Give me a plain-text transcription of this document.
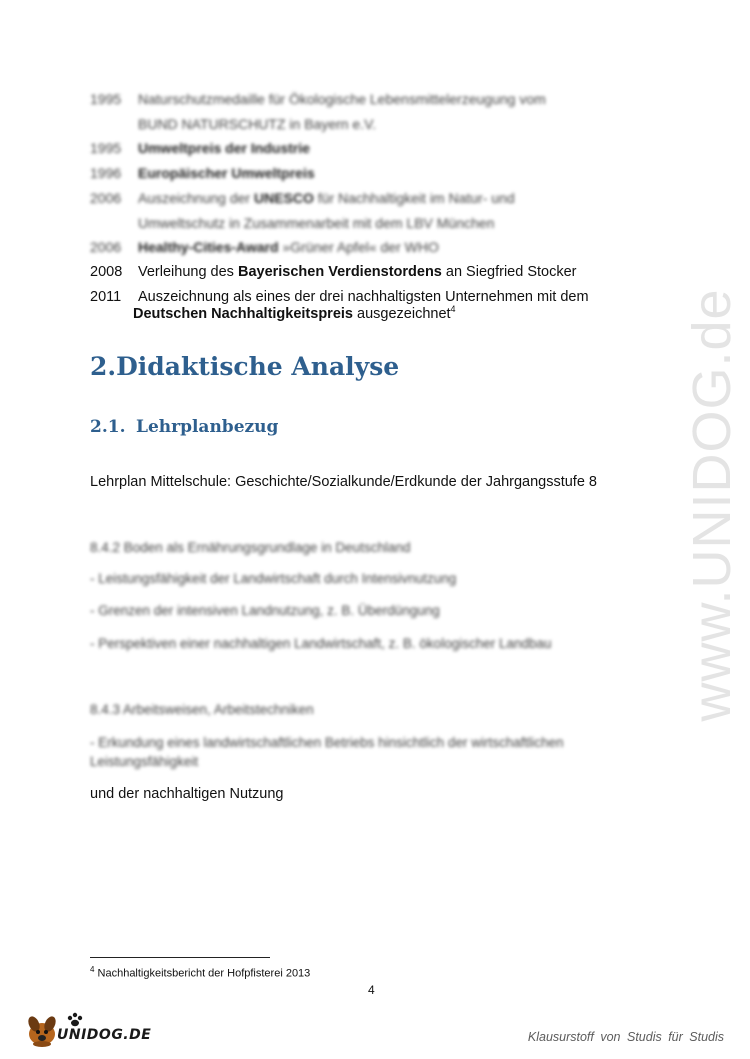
1995 Naturschutzmedaille für Ökologische Lebensmittelerzeugung vom
BUND NATURSCHUTZ in Bayern e.V.
1995 Umweltpreis der Industrie
1996 Europäischer Umweltpreis
2006 Auszeichnung der UNESCO für Nachhaltigkeit im Natur- und
Umweltschutz in Zusammenarbeit mit dem LBV München
2006 Healthy-Cities-Award »Grüner Apfel« der WHO
2008 Verleihung des Bayerischen Verdienstordens an Siegfried Stocker
2011 Auszeichnung als eines der drei nachhaltigsten Unternehmen mit dem
Deutschen Nachhaltigkeitspreis ausgezeichnet$^4$
2.Didaktische Analyse
2.1. Lehrplanbezug
Lehrplan Mittelschule: Geschichte/Sozialkunde/Erdkunde der Jahrgangsstufe 8
8.4.2 Boden als Ernährungsgrundlage in Deutschland
- Leistungsfähigkeit der Landwirtschaft durch Intensivnutzung
- Grenzen der intensiven Landnutzung, z. B. Überdüngung
- Perspektiven einer nachhaltigen Landwirtschaft, z. B. ökologischer Landbau
8.4.3 Arbeitsweisen, Arbeitstechniken
- Erkundung eines landwirtschaftlichen Betriebs hinsichtlich der wirtschaftlichen
Leistungsfähigkeit
und der nachhaltigen Nutzung
$^4$ Nachhaltigkeitsbericht der Hofpfisterei 2013
4
www.UNIDOG.de
UNIDOG.DE	Klausurstoff von Studis für Studis
